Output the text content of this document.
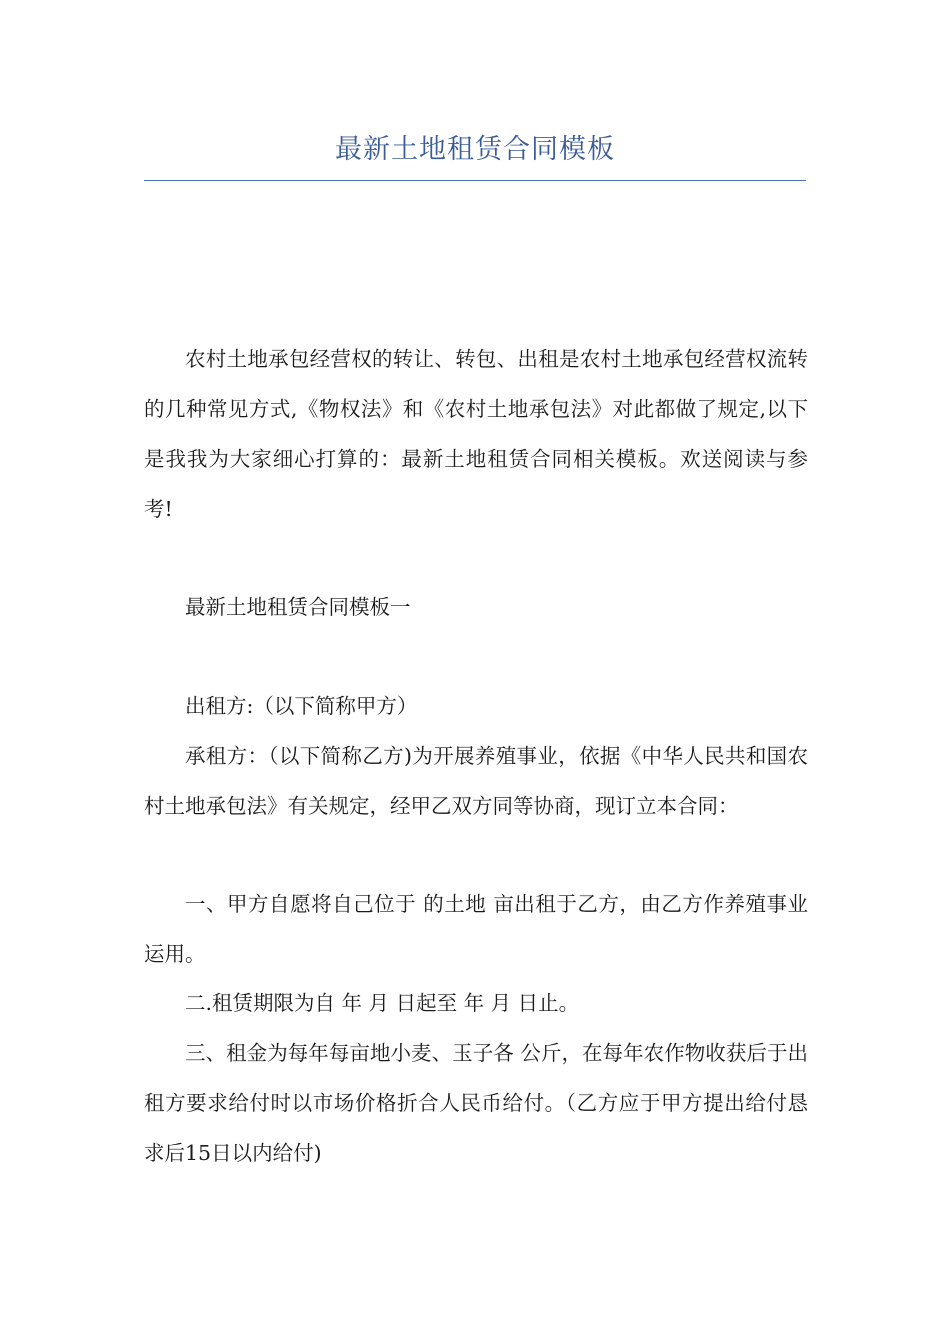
最新土地租赁合同模板

农村土地承包经营权的转让、转包、出租是农村土地承包经营权流转的几种常见方式,《物权法》和《农村土地承包法》对此都做了规定,以下是我我为大家细心打算的：最新土地租赁合同相关模板。欢送阅读与参考!

最新土地租赁合同模板一

出租方:（以下简称甲方）

承租方：（以下简称乙方)为开展养殖事业，依据《中华人民共和国农村土地承包法》有关规定，经甲乙双方同等协商，现订立本合同：

一、甲方自愿将自己位于 的土地 亩出租于乙方，由乙方作养殖事业运用。

二.租赁期限为自 年 月 日起至 年 月 日止。

三、租金为每年每亩地小麦、玉子各 公斤，在每年农作物收获后于出租方要求给付时以市场价格折合人民币给付。（乙方应于甲方提出给付恳求后15日以内给付)
